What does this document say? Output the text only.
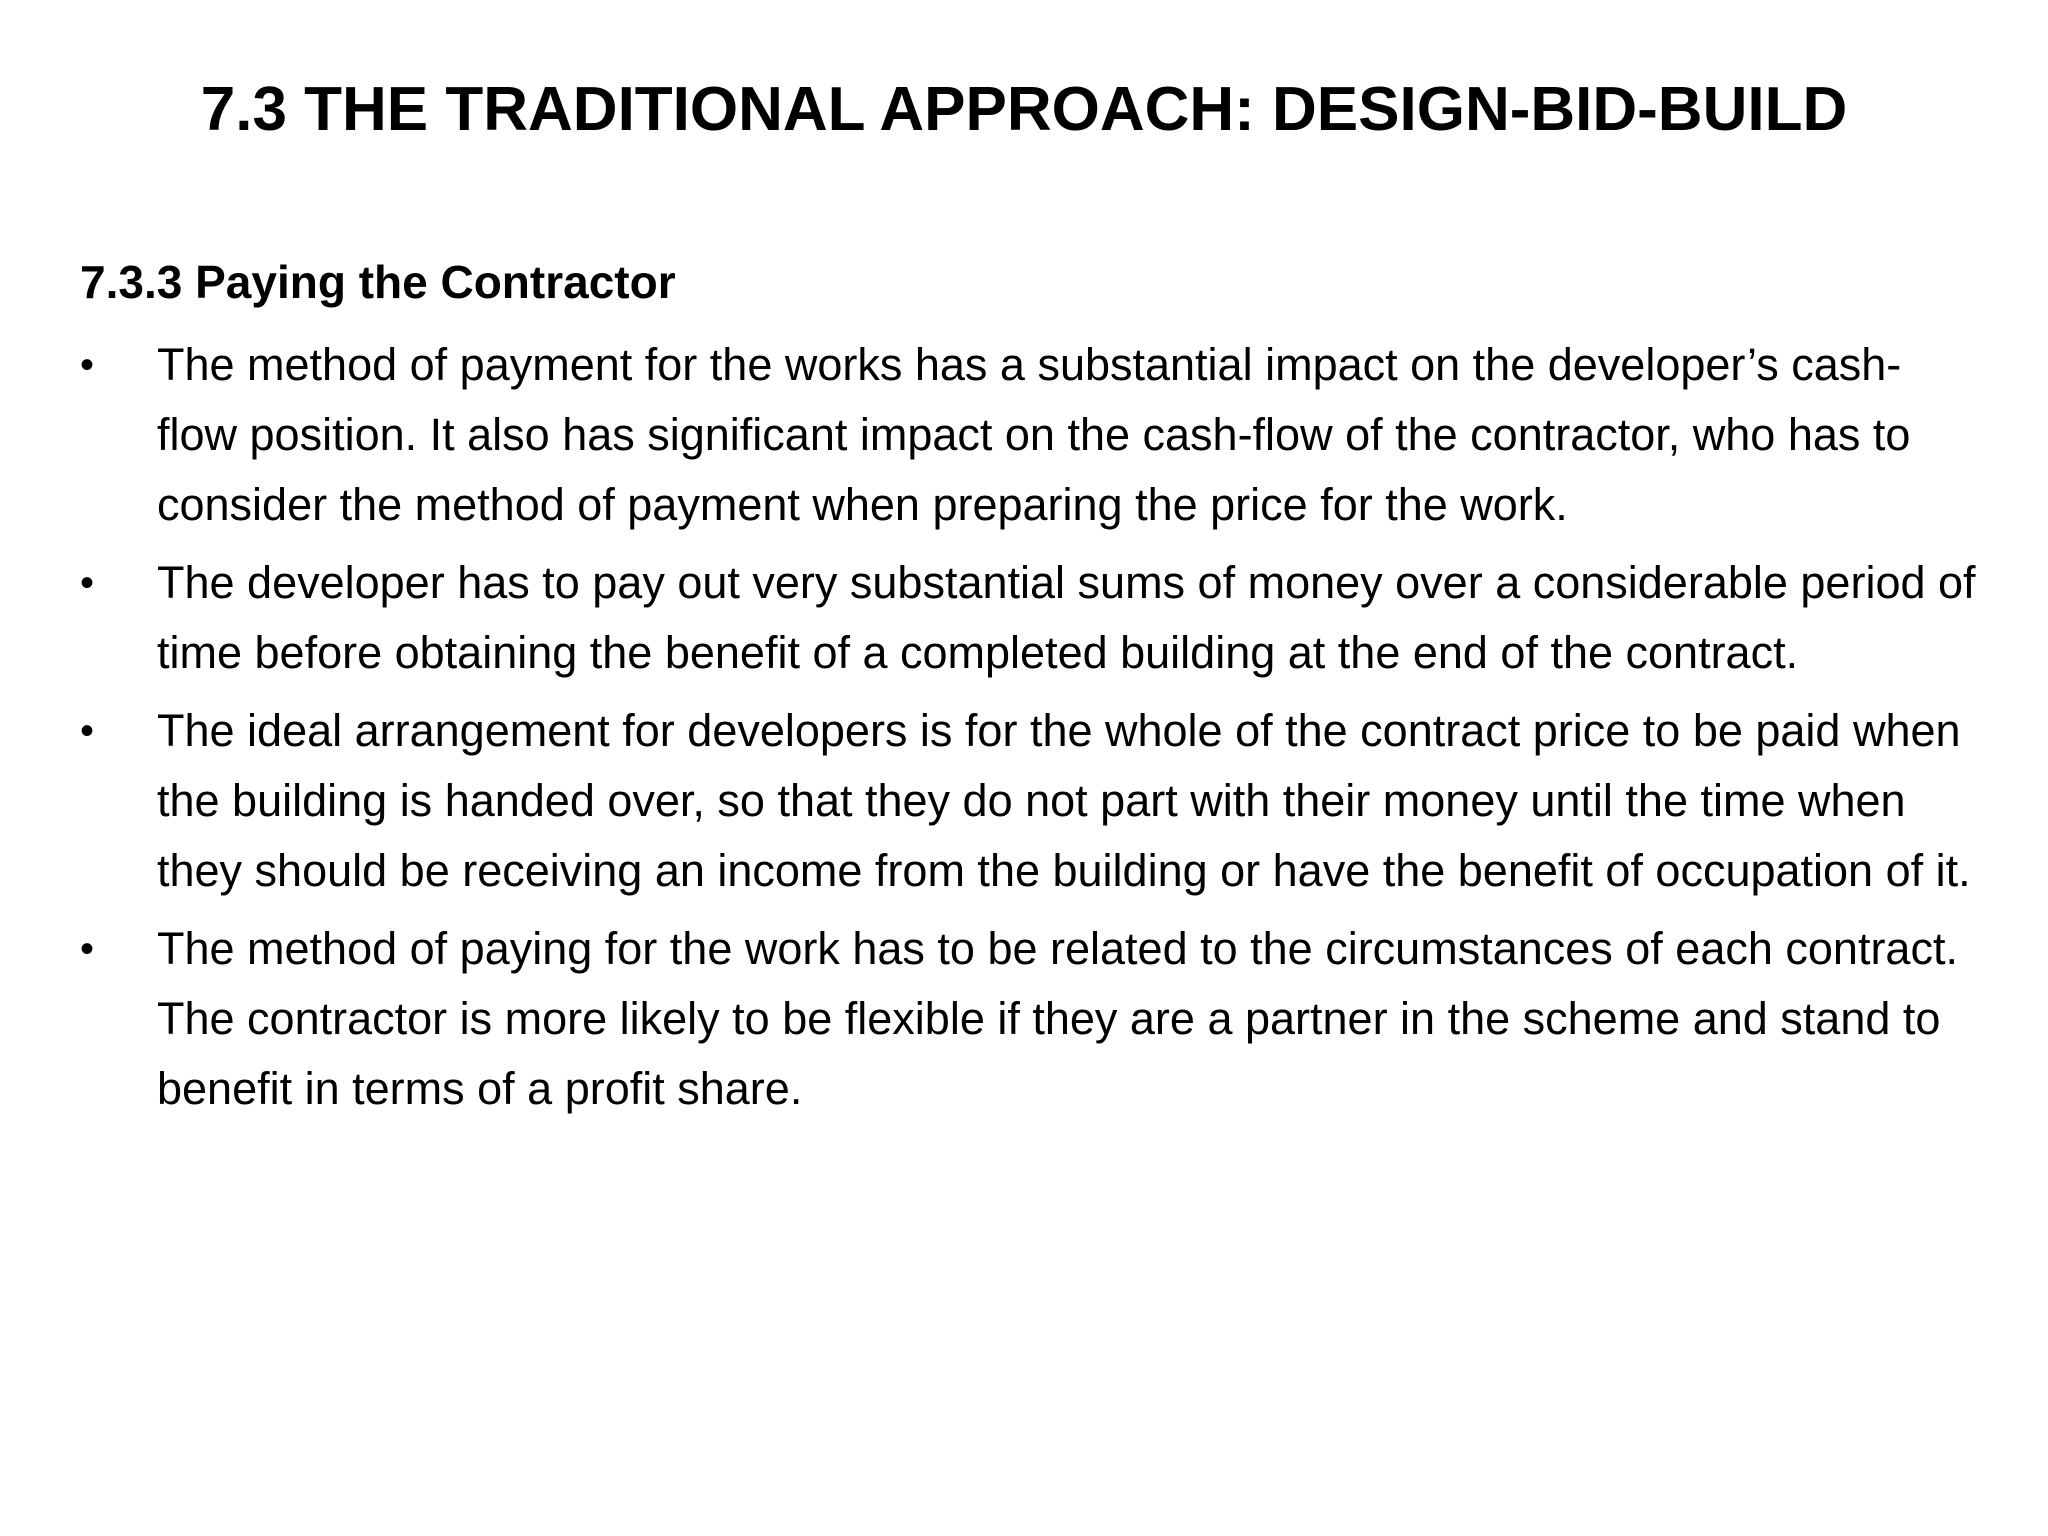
7.3 THE TRADITIONAL APPROACH: DESIGN-BID-BUILD
7.3.3 Paying the Contractor
•	The method of payment for the works has a substantial impact on the developer’s cash-flow position. It also has significant impact on the cash-flow of the contractor, who has to consider the method of payment when preparing the price for the work.
•	The developer has to pay out very substantial sums of money over a considerable period of time before obtaining the benefit of a completed building at the end of the contract.
•	The ideal arrangement for developers is for the whole of the contract price to be paid when the building is handed over, so that they do not part with their money until the time when they should be receiving an income from the building or have the benefit of occupation of it.
•	The method of paying for the work has to be related to the circumstances of each contract. The contractor is more likely to be flexible if they are a partner in the scheme and stand to benefit in terms of a profit share.
